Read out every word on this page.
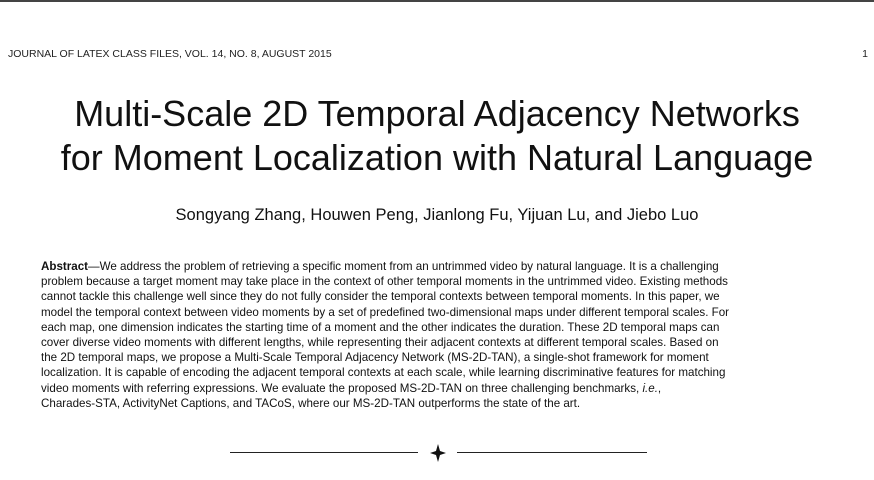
JOURNAL OF LATEX CLASS FILES, VOL. 14, NO. 8, AUGUST 2015	1
Multi-Scale 2D Temporal Adjacency Networks
for Moment Localization with Natural Language
Songyang Zhang, Houwen Peng, Jianlong Fu, Yijuan Lu, and Jiebo Luo
Abstract—We address the problem of retrieving a specific moment from an untrimmed video by natural language. It is a challenging
problem because a target moment may take place in the context of other temporal moments in the untrimmed video. Existing methods
cannot tackle this challenge well since they do not fully consider the temporal contexts between temporal moments. In this paper, we
model the temporal context between video moments by a set of predefined two-dimensional maps under different temporal scales. For
each map, one dimension indicates the starting time of a moment and the other indicates the duration. These 2D temporal maps can
cover diverse video moments with different lengths, while representing their adjacent contexts at different temporal scales. Based on
the 2D temporal maps, we propose a Multi-Scale Temporal Adjacency Network (MS-2D-TAN), a single-shot framework for moment
localization. It is capable of encoding the adjacent temporal contexts at each scale, while learning discriminative features for matching
video moments with referring expressions. We evaluate the proposed MS-2D-TAN on three challenging benchmarks, i.e.,
Charades-STA, ActivityNet Captions, and TACoS, where our MS-2D-TAN outperforms the state of the art.
